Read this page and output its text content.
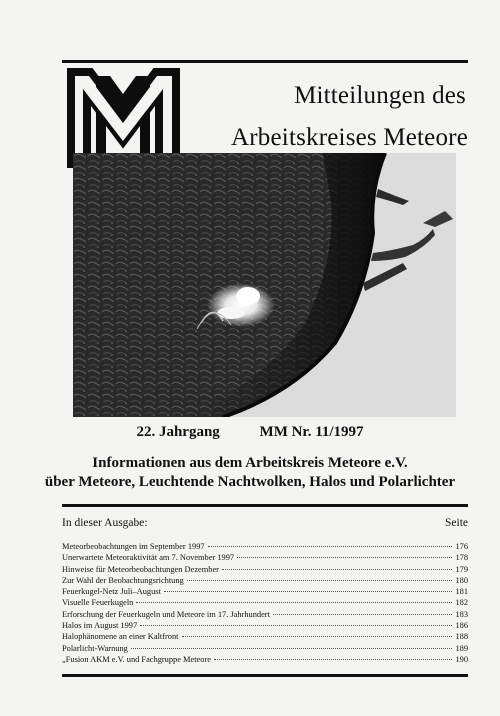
Mitteilungen des
Arbeitskreises Meteore
22. Jahrgang	MM Nr. 11/1997
Informationen aus dem Arbeitskreis Meteore e.V.
über Meteore, Leuchtende Nachtwolken, Halos und Polarlichter
In dieser Ausgabe:	Seite
Meteorbeobachtungen im September 1997	176
Unerwartete Meteoraktivität am 7. November 1997	178
Hinweise für Meteorbeobachtungen Dezember	179
Zur Wahl der Beobachtungsrichtung	180
Feuerkugel-Netz Juli–August	181
Visuelle Feuerkugeln	182
Erforschung der Feuerkugeln und Meteore im 17. Jahrhundert	183
Halos im August 1997	186
Halophänomene an einer Kaltfront	188
Polarlicht-Warnung	189
„Fusion AKM e.V. und Fachgruppe Meteore	190
